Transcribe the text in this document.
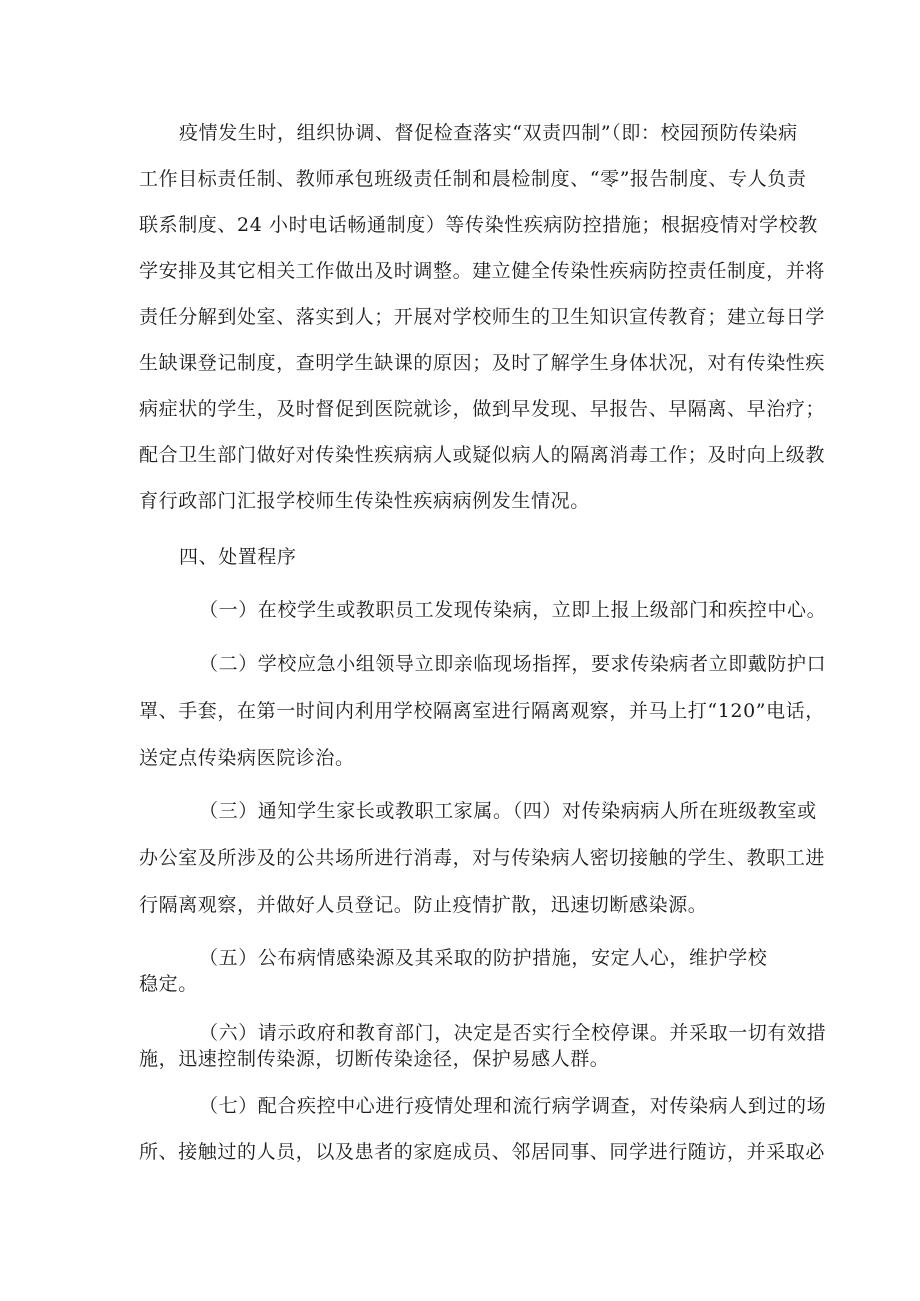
疫情发生时，组织协调、督促检查落实“双责四制”（即：校园预防传染病
工作目标责任制、教师承包班级责任制和晨检制度、“零”报告制度、专人负责
联系制度、24 小时电话畅通制度）等传染性疾病防控措施；根据疫情对学校教
学安排及其它相关工作做出及时调整。建立健全传染性疾病防控责任制度，并将
责任分解到处室、落实到人；开展对学校师生的卫生知识宣传教育；建立每日学
生缺课登记制度，查明学生缺课的原因；及时了解学生身体状况，对有传染性疾
病症状的学生，及时督促到医院就诊，做到早发现、早报告、早隔离、早治疗；
配合卫生部门做好对传染性疾病病人或疑似病人的隔离消毒工作；及时向上级教
育行政部门汇报学校师生传染性疾病病例发生情况。
四、处置程序
（一）在校学生或教职员工发现传染病，立即上报上级部门和疾控中心。
（二）学校应急小组领导立即亲临现场指挥，要求传染病者立即戴防护口
罩、手套，在第一时间内利用学校隔离室进行隔离观察，并马上打“120”电话，
送定点传染病医院诊治。
（三）通知学生家长或教职工家属。（四）对传染病病人所在班级教室或
办公室及所涉及的公共场所进行消毒，对与传染病人密切接触的学生、教职工进
行隔离观察，并做好人员登记。防止疫情扩散，迅速切断感染源。
（五）公布病情感染源及其采取的防护措施，安定人心，维护学校
稳定。
（六）请示政府和教育部门，决定是否实行全校停课。并采取一切有效措
施，迅速控制传染源，切断传染途径，保护易感人群。
（七）配合疾控中心进行疫情处理和流行病学调查，对传染病人到过的场
所、接触过的人员，以及患者的家庭成员、邻居同事、同学进行随访，并采取必
